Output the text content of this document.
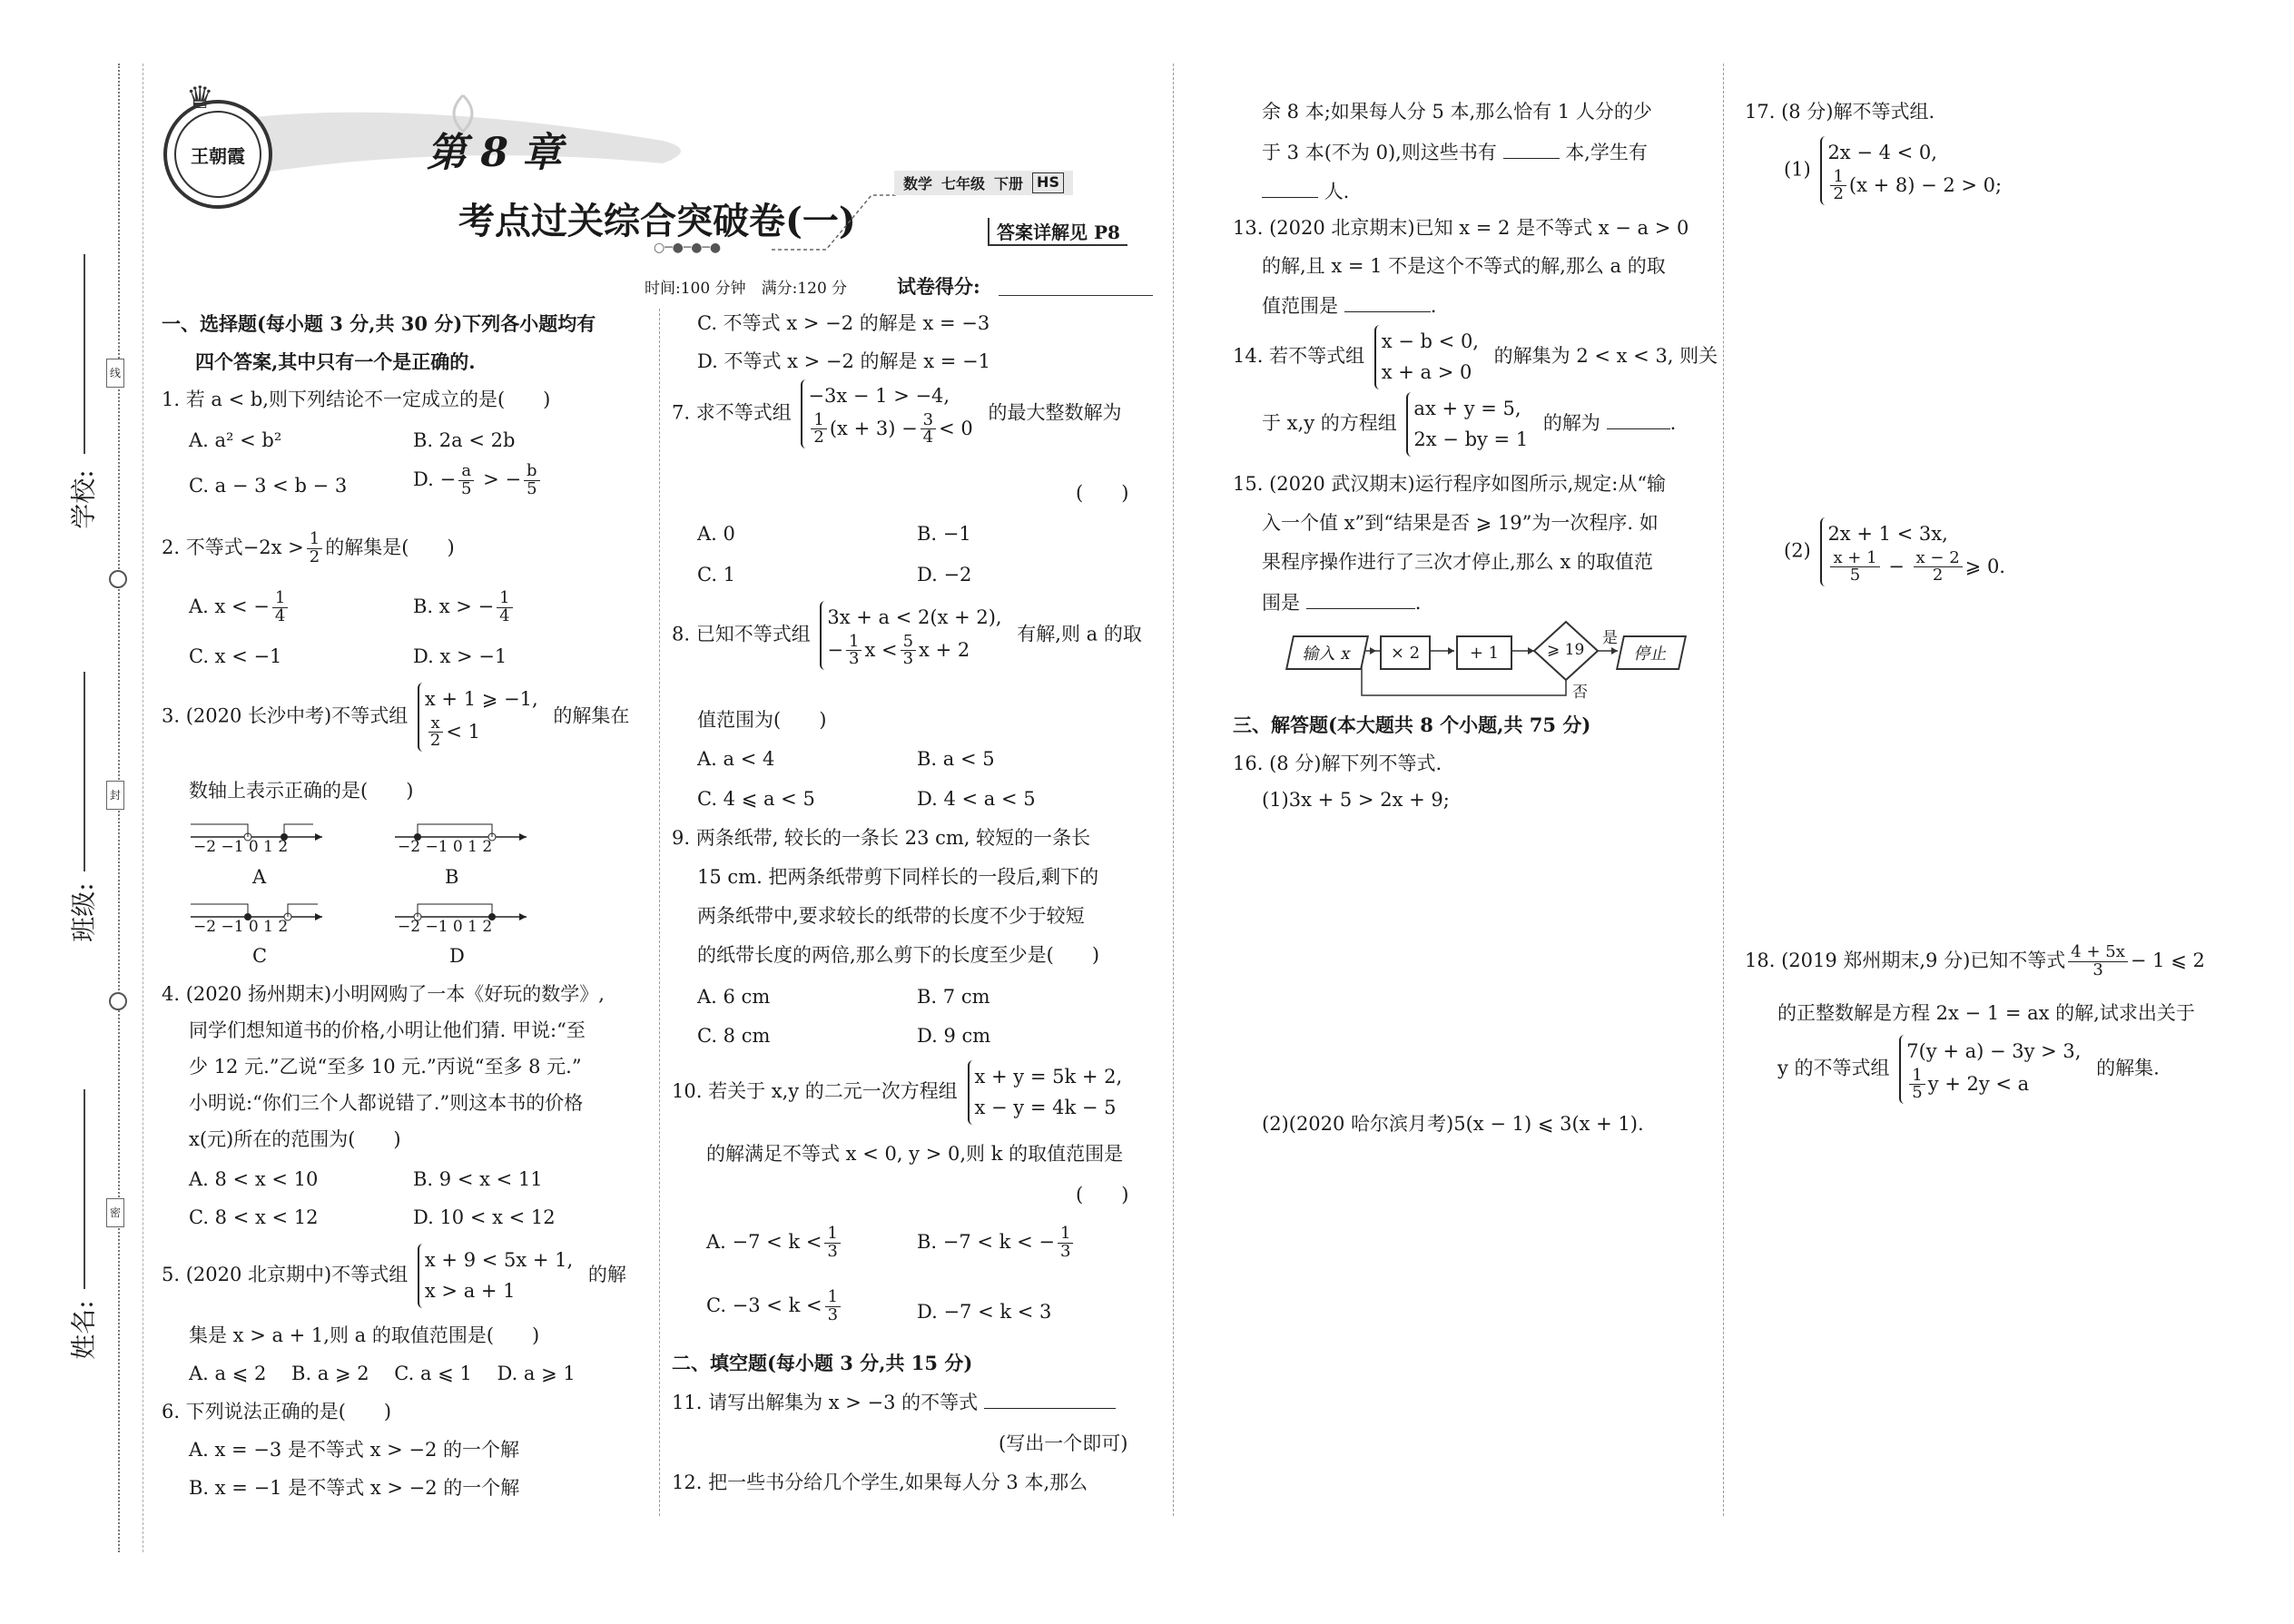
线
封
密
学校:
班级:
姓名:
王朝霞
♛
第 8 章
考点过关综合突破卷(一)
○─●─●─●
数学 七年级 下册 HS
答案详解见 P8
时间:100 分钟　满分:120 分	试卷得分:
一、选择题(每小题 3 分,共 30 分)下列各小题均有
四个答案,其中只有一个是正确的.
1. 若 a < b,则下列结论不一定成立的是(　　)
A. a² < b²	B. 2a < 2b
C. a − 3 < b − 3	D. − $\frac{a}{5}$ > − $\frac{b}{5}$
2. 不等式$-2x > \frac{1}{2}$ 的解集是(　　)
A. x < − $\frac{1}{4}$	B. x > − $\frac{1}{4}$
C. x < −1	D. x > −1
3. (2020 长沙中考)不等式组 x + 1 ⩾ −1,

$\frac{x}{2} < 1$ 的解集在
数轴上表示正确的是(　　)
−2 −1 0 1 2
A
−2 −1 0 1 2
B
−2 −1 0 1 2
C
−2 −1 0 1 2
D
4. (2020 扬州期末)小明网购了一本《好玩的数学》,
同学们想知道书的价格,小明让他们猜. 甲说:“至
少 12 元.”乙说“至多 10 元.”丙说“至多 8 元.”
小明说:“你们三个人都说错了.”则这本书的价格
x(元)所在的范围为(　　)
A. 8 < x < 10	B. 9 < x < 11
C. 8 < x < 12	D. 10 < x < 12
5. (2020 北京期中)不等式组 x + 9 < 5x + 1,
x > a + 1 的解
集是 x > a + 1,则 a 的取值范围是(　　)
A. a ⩽ 2　 B. a ⩾ 2　 C. a ⩽ 1　 D. a ⩾ 1
6. 下列说法正确的是(　　)
A. x = −3 是不等式 x > −2 的一个解
B. x = −1 是不等式 x > −2 的一个解
C. 不等式 x > −2 的解是 x = −3
D. 不等式 x > −2 的解是 x = −1
7. 求不等式组 −3x − 1 > −4,

$\frac{1}{2} (x + 3) - \frac{3}{4} < 0$ 的最大整数解为
(　　)
A. 0	B. −1
C. 1	D. −2
8. 已知不等式组 3x + a < 2(x + 2),
− $\frac{1}{3}$ $x < \frac{5}{3}$ x + 2 有解,则 a 的取
值范围为(　　)
A. a < 4	B. a < 5
C. 4 ⩽ a < 5	D. 4 < a < 5
9. 两条纸带, 较长的一条长 23 cm, 较短的一条长
15 cm. 把两条纸带剪下同样长的一段后,剩下的
两条纸带中,要求较长的纸带的长度不少于较短
的纸带长度的两倍,那么剪下的长度至少是(　　)
A. 6 cm	B. 7 cm
C. 8 cm	D. 9 cm
10. 若关于 x,y 的二元一次方程组 x + y = 5k + 2,
x − y = 4k − 5
的解满足不等式 x < 0, y > 0,则 k 的取值范围是
(　　)
A. $-7 < k < \frac{1}{3}$	B. −7 < k < − $\frac{1}{3}$
C. $-3 < k < \frac{1}{3}$	D. −7 < k < 3
二、填空题(每小题 3 分,共 15 分)
11. 请写出解集为 x > −3 的不等式
(写出一个即可)
12. 把一些书分给几个学生,如果每人分 3 本,那么
余 8 本;如果每人分 5 本,那么恰有 1 人分的少
于 3 本(不为 0),则这些书有	本,学生有
人.
13. (2020 北京期末)已知 x = 2 是不等式 x − a > 0
的解,且 x = 1 不是这个不等式的解,那么 a 的取
值范围是	.
14. 若不等式组 x − b < 0,
x + a > 0 的解集为 2 < x < 3, 则关
于 x,y 的方程组 ax + y = 5,
2x − by = 1 的解为	.
15. (2020 武汉期末)运行程序如图所示,规定:从“输
入一个值 x”到“结果是否 ⩾ 19”为一次程序. 如
果程序操作进行了三次才停止,那么 x 的取值范
围是	.
输入 x	× 2	+ 1	⩾ 19
是
否
停止
三、解答题(本大题共 8 个小题,共 75 分)
16. (8 分)解下列不等式.
(1)3x + 5 > 2x + 9;
(2)(2020 哈尔滨月考)5(x − 1) ⩽ 3(x + 1).
17. (8 分)解不等式组.
(1) 2x − 4 < 0,

$\frac{1}{2} (x + 8) - 2 > 0$;
(2) 2x + 1 < 3x,

$\frac{x + 1}{5} - \frac{x - 2}{2}$ ⩾ 0.
18. (2019 郑州期末,9 分)已知不等式 $\frac{4 + 5x}{3} - 1$ ⩽ 2
的正整数解是方程 2x − 1 = ax 的解,试求出关于
y 的不等式组 7(y + a) − 3y > 3,

$\frac{1}{5}$ y + 2y < a 的解集.
